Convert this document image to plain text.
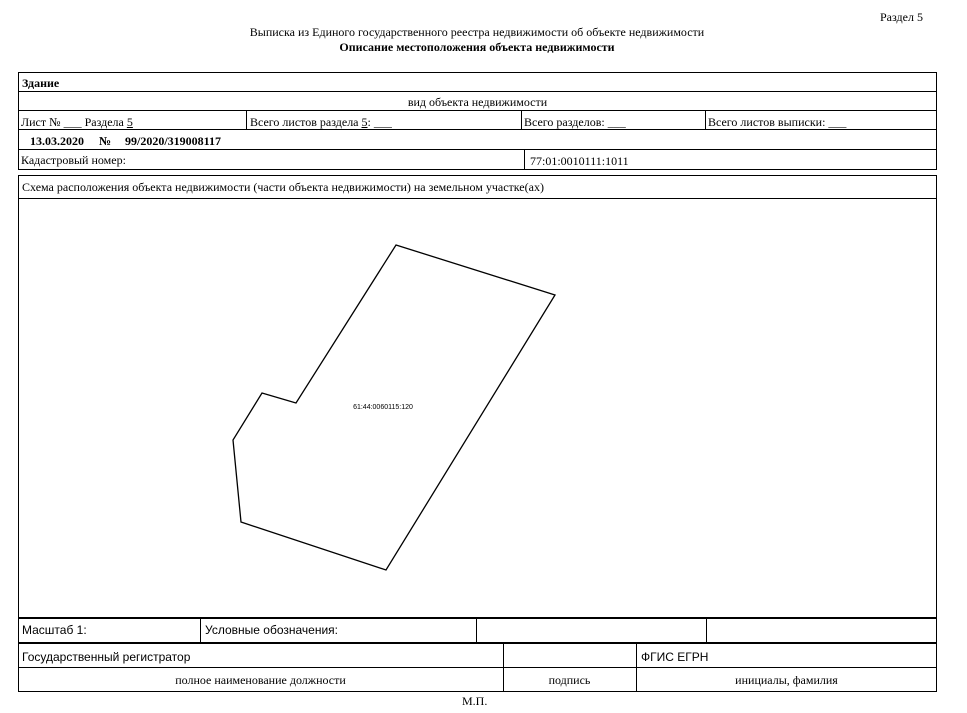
Раздел 5
Выписка из Единого государственного реестра недвижимости об объекте недвижимости
Описание местоположения объекта недвижимости
Здание
вид объекта недвижимости
Лист № ___ Раздела 5	Всего листов раздела 5: ___	Всего разделов: ___	Всего листов выписки: ___
13.03.2020 № 99/2020/319008117
Кадастровый номер:	77:01:0010111:1011
Схема расположения объекта недвижимости (части объекта недвижимости) на земельном участке(ах)
61:44:0060115:120
Масштаб 1:	Условные обозначения:
Государственный регистратор	ФГИС ЕГРН
полное наименование должности	подпись	инициалы, фамилия
М.П.
